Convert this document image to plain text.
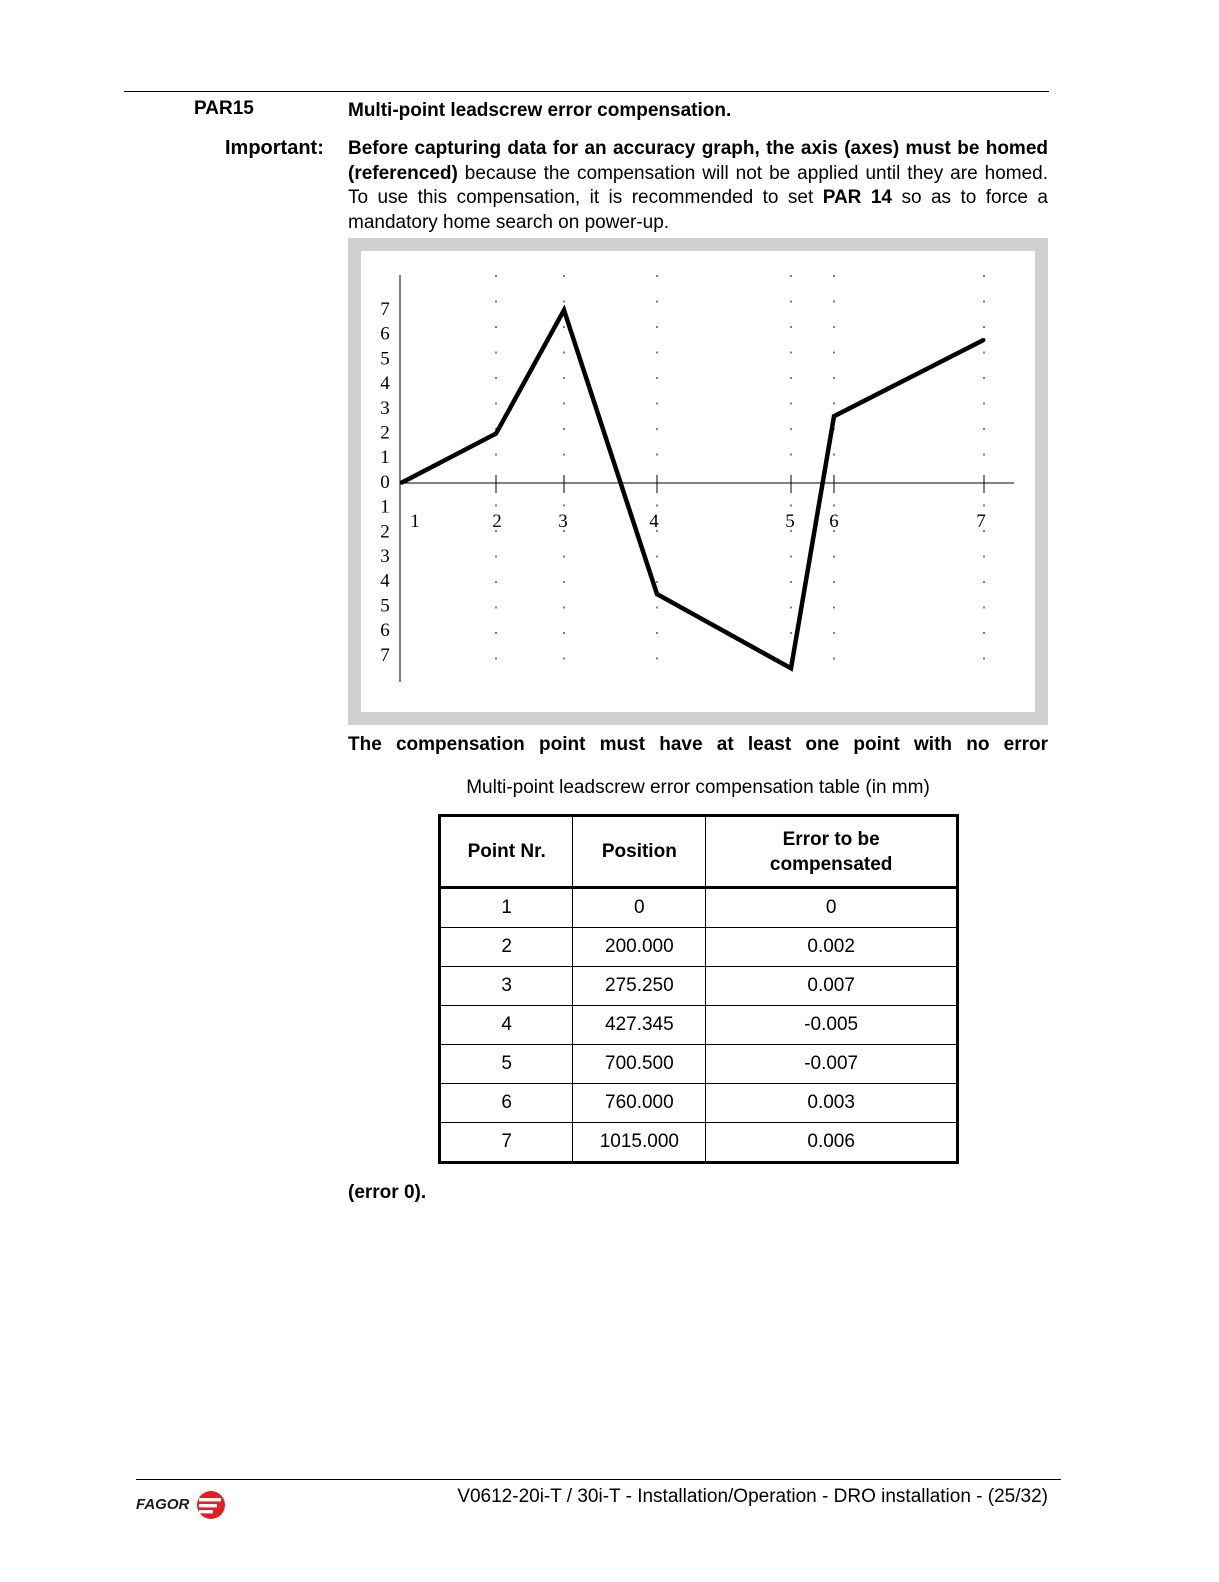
PAR15	Multi-point leadscrew error compensation.
Important: Before capturing data for an accuracy graph, the axis (axes) must be homed (referenced) because the compensation will not be applied until they are homed. To use this compensation, it is recommended to set PAR 14 so as to force a mandatory home search on power-up.
7
6
5
4
3
2
1
0
1
2
3
4
5
6
7
1	2	3	4	5 6	7
The compensation point must have at least one point with no error
Multi-point leadscrew error compensation table (in mm)
Point Nr.	Position	Error to be compensated
1	0	0
2	200.000	0.002
3	275.250	0.007
4	427.345	-0.005
5	700.500	-0.007
6	760.000	0.003
7	1015.000	0.006
(error 0).
FAGOR	V0612-20i-T / 30i-T - Installation/Operation - DRO installation - (25/32)
